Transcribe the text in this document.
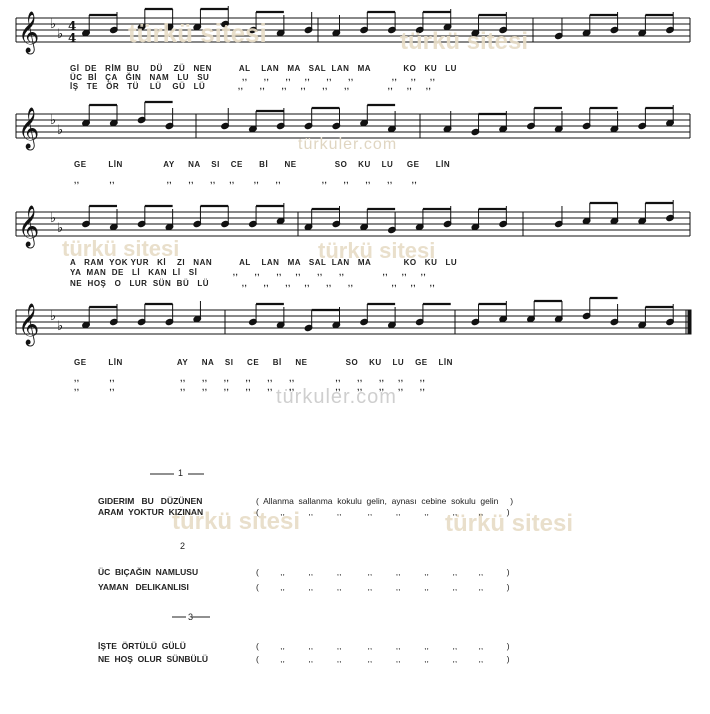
𝄞 ♭
♭
4
4
𝄞 ♭
♭
𝄞 ♭
♭
𝄞 ♭
♭
türkü sitesi	türkü sitesi
türkü sitesi	türkü sitesi
türkü sitesi	türkü sitesi
türkuler.com
türkuler.com
Gİ  DE   RİM  BU    DÜ    ZÜ   NEN          AL    LAN   MA   SAL  LAN   MA            KO   KU   LU
ÜC  Bİ   ÇA   ĞIN   NAM   LU   SU            ,,      ,,      ,,     ,,      ,,      ,,              ,,     ,,     ,,
İŞ   TE   ÖR   TÜ    LÜ    GÜ   LÜ            ,,      ,,      ,,     ,,      ,,      ,,              ,,     ,,     ,,
GE        LİN               AY     NA    SI    CE      Bİ      NE              SO    KU    LU     GE      LİN
,,           ,,                   ,,      ,,      ,,     ,,       ,,      ,,               ,,      ,,      ,,      ,,       ,,
A   RAM  YOK YUR   Kİ    ZI   NAN          AL    LAN   MA   SAL  LAN   MA            KO   KU   LU
YA  MAN  DE   Lİ   KAN  Lİ   Sİ             ,,      ,,      ,,     ,,      ,,      ,,              ,,     ,,     ,,
NE  HOŞ   O   LUR  SÜN  BÜ   LÜ            ,,      ,,      ,,     ,,      ,,      ,,              ,,     ,,     ,,
GE        LİN                    AY     NA    SI     CE     Bİ     NE              SO    KU    LU    GE    LİN
,,           ,,                        ,,      ,,      ,,      ,,      ,,      ,,               ,,      ,,      ,,     ,,      ,,
,,           ,,                        ,,      ,,      ,,      ,,      ,,      ,,               ,,      ,,      ,,     ,,      ,,
1
GIDERIM   BU   DÜZÜNEN	(  Allanma  sallanma  kokulu  gelin,  aynası  cebine  sokulu  gelin     )
ARAM  YOKTUR  KIZINAN	(         ,,          ,,          ,,           ,,          ,,          ,,          ,,         ,,          )
2
ÜC  BIÇAĞIN  NAMLUSU	(         ,,          ,,          ,,           ,,          ,,          ,,          ,,         ,,          )
YAMAN   DELIKANLISI	(         ,,          ,,          ,,           ,,          ,,          ,,          ,,         ,,          )
3
İŞTE  ÖRTÜLÜ  GÜLÜ	(         ,,          ,,          ,,           ,,          ,,          ,,          ,,         ,,          )
NE  HOŞ  OLUR  SÜNBÜLÜ	(         ,,          ,,          ,,           ,,          ,,          ,,          ,,         ,,          )
